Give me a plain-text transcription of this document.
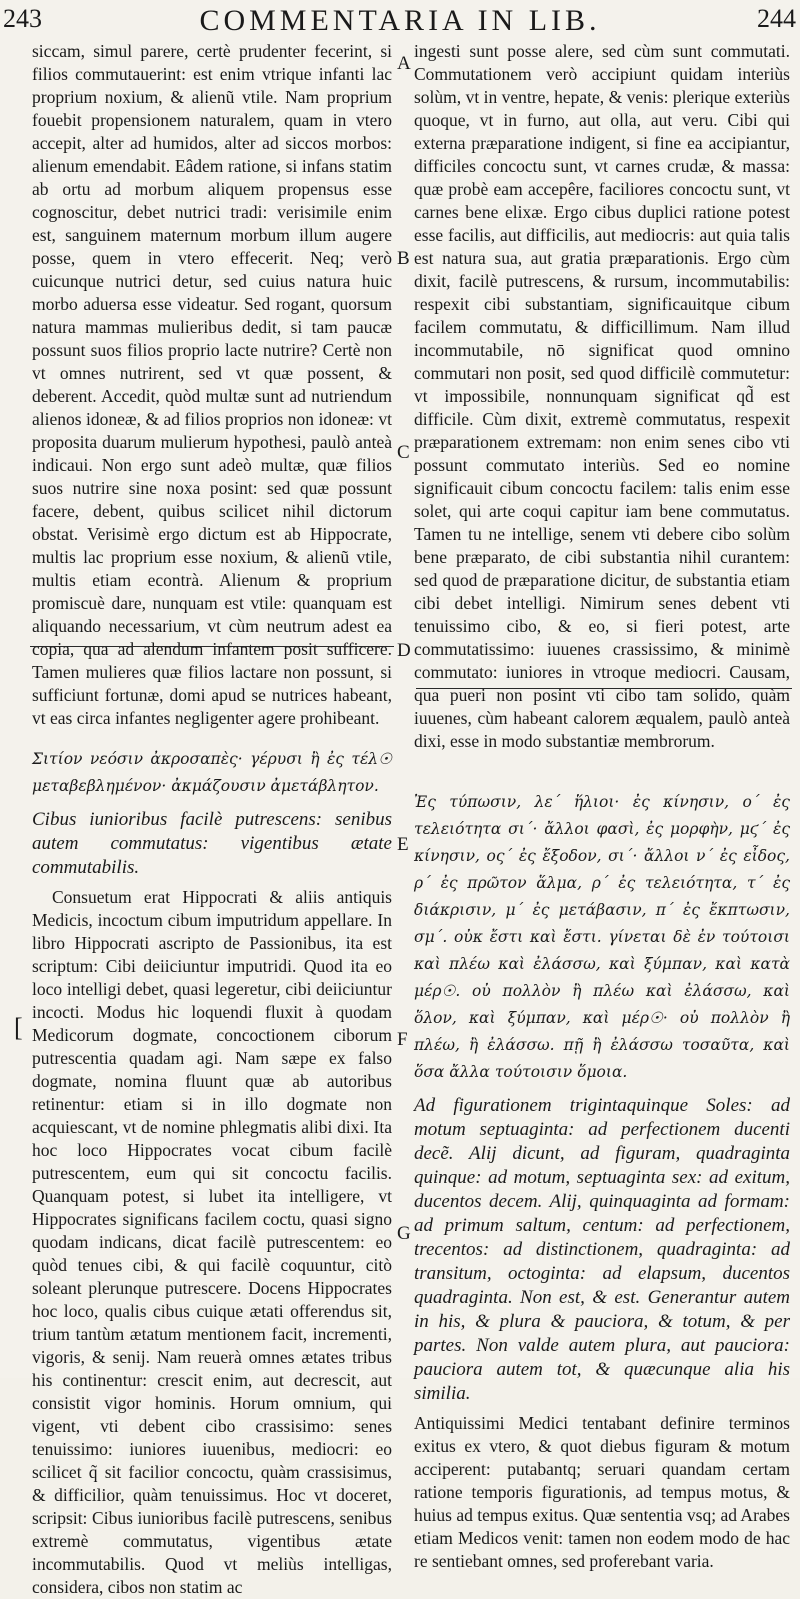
243	COMMENTARIA IN LIB.	244

siccam, simul parere, certè prudenter fecerint, si filios commutauerint: est enim vtrique infanti lac proprium noxium, & alienũ vtile. Nam proprium fouebit propensionem naturalem, quam in vtero accepit, alter ad humidos, alter ad siccos morbos: alienum emendabit. Eâdem ratione, si infans statim ab ortu ad morbum aliquem propensus esse cognoscitur, debet nutrici tradi: verisimile enim est, sanguinem maternum morbum illum augere posse, quem in vtero effecerit. Neq; verò cuicunque nutrici detur, sed cuius natura huic morbo aduersa esse videatur. Sed rogant, quorsum natura mammas mulieribus dedit, si tam paucæ possunt suos filios proprio lacte nutrire? Certè non vt omnes nutrirent, sed vt quæ possent, & deberent. Accedit, quòd multæ sunt ad nutriendum alienos idoneæ, & ad filios proprios non idoneæ: vt proposita duarum mulierum hypothesi, paulò anteà indicaui. Non ergo sunt adeò multæ, quæ filios suos nutrire sine noxa posint: sed quæ possunt facere, debent, quibus scilicet nihil dictorum obstat. Verisimè ergo dictum est ab Hippocrate, multis lac proprium esse noxium, & alienũ vtile, multis etiam econtrà. Alienum & proprium promiscuè dare, nunquam est vtile: quanquam est aliquando necessarium, vt cùm neutrum adest ea copia, qua ad alendum infantem posit sufficere. Tamen mulieres quæ filios lactare non possunt, si sufficiunt fortunæ, domi apud se nutrices habeant, vt eas circa infantes negligenter agere prohibeant.

Σιτίον νεόσιν ἀκροσαπὲς· γέρυσι ἢ ἐς τέλ☉ μεταβεβλημένον· ἀκμάζουσιν ἀμετάβλητον.

Cibus iunioribus facilè putrescens: senibus autem commutatus: vigentibus ætate commutabilis.

Consuetum erat Hippocrati & aliis antiquis Medicis, incoctum cibum imputridum appellare. In libro Hippocrati ascripto de Passionibus, ita est scriptum: Cibi deiiciuntur imputridi. Quod ita eo loco intelligi debet, quasi legeretur, cibi deiiciuntur incocti. Modus hic loquendi fluxit à quodam Medicorum dogmate, concoctionem ciborum putrescentia quadam agi. Nam sæpe ex falso dogmate, nomina fluunt quæ ab autoribus retinentur: etiam si in illo dogmate non acquiescant, vt de nomine phlegmatis alibi dixi. Ita hoc loco Hippocrates vocat cibum facilè putrescentem, eum qui sit concoctu facilis. Quanquam potest, si lubet ita intelligere, vt Hippocrates significans facilem coctu, quasi signo quodam indicans, dicat facilè putrescentem: eo quòd tenues cibi, & qui facilè coquuntur, citò soleant plerunque putrescere. Docens Hippocrates hoc loco, qualis cibus cuique ætati offerendus sit, trium tantùm ætatum mentionem facit, incrementi, vigoris, & senij. Nam reuerà omnes ætates tribus his continentur: crescit enim, aut decrescit, aut consistit vigor hominis. Horum omnium, qui vigent, vti debent cibo crassisimo: senes tenuissimo: iuniores iuuenibus, mediocri: eo scilicet q̃ sit facilior concoctu, quàm crassisimus, & difficilior, quàm tenuissimus. Hoc vt doceret, scripsit: Cibus iunioribus facilè putrescens, senibus extremè commutatus, vigentibus ætate incommutabilis. Quod vt meliùs intelligas, considera, cibos non statim ac

ingesti sunt posse alere, sed cùm sunt commutati. Commutationem verò accipiunt quidam interiùs solùm, vt in ventre, hepate, & venis: plerique exteriùs quoque, vt in furno, aut olla, aut veru. Cibi qui externa præparatione indigent, si fine ea accipiantur, difficiles concoctu sunt, vt carnes crudæ, & massa: quæ probè eam accepêre, faciliores concoctu sunt, vt carnes bene elixæ. Ergo cibus duplici ratione potest esse facilis, aut difficilis, aut mediocris: aut quia talis est natura sua, aut gratia præparationis. Ergo cùm dixit, facilè putrescens, & rursum, incommutabilis: respexit cibi substantiam, significauitque cibum facilem commutatu, & difficillimum. Nam illud incommutabile, nō significat quod omnino commutari non posit, sed quod difficilè commutetur: vt impossibile, nonnunquam significat qd̃ est difficile. Cùm dixit, extremè commutatus, respexit præparationem extremam: non enim senes cibo vti possunt commutato interiùs. Sed eo nomine significauit cibum concoctu facilem: talis enim esse solet, qui arte coqui capitur iam bene commutatus. Tamen tu ne intellige, senem vti debere cibo solùm bene præparato, de cibi substantia nihil curantem: sed quod de præparatione dicitur, de substantia etiam cibi debet intelligi. Nimirum senes debent vti tenuissimo cibo, & eo, si fieri potest, arte commutatissimo: iuuenes crassissimo, & minimè commutato: iuniores in vtroque mediocri. Causam, qua pueri non posint vti cibo tam solido, quàm iuuenes, cùm habeant calorem æqualem, paulò anteà dixi, esse in modo substantiæ membrorum.

Ἐς τύπωσιν, λε΄ ἥλιοι· ἐς κίνησιν, ο΄ ἐς τελειότητα σι΄· ἄλλοι φασὶ, ἐς μορφὴν, μϛ΄ ἐς κίνησιν, ος΄ ἐς ἔξοδον, σι΄· ἄλλοι ν΄ ἐς εἶδος, ρ΄ ἐς πρῶτον ἅλμα, ρ΄ ἐς τελειότητα, τ΄ ἐς διάκρισιν, μ΄ ἐς μετάβασιν, π΄ ἐς ἔκπτωσιν, σμ΄. οὐκ ἔστι καὶ ἔστι. γίνεται δὲ ἐν τούτοισι καὶ πλέω καὶ ἐλάσσω, καὶ ξύμπαν, καὶ κατὰ μέρ☉. οὐ πολλὸν ἢ πλέω καὶ ἐλάσσω, καὶ ὅλον, καὶ ξύμπαν, καὶ μέρ☉· οὐ πολλὸν ἢ πλέω, ἢ ἐλάσσω. πῇ ἢ ἐλάσσω τοσαῦτα, καὶ ὅσα ἄλλα τούτοισιν ὅμοια.

Ad figurationem trigintaquinque Soles: ad motum septuaginta: ad perfectionem ducenti decẽ. Alij dicunt, ad figuram, quadraginta quinque: ad motum, septuaginta sex: ad exitum, ducentos decem. Alij, quinquaginta ad formam: ad primum saltum, centum: ad perfectionem, trecentos: ad distinctionem, quadraginta: ad transitum, octoginta: ad elapsum, ducentos quadraginta. Non est, & est. Generantur autem in his, & plura & pauciora, & totum, & per partes. Non valde autem plura, aut pauciora: pauciora autem tot, & quæcunque alia his similia.

Antiquissimi Medici tentabant definire terminos exitus ex vtero, & quot diebus figuram & motum acciperent: putabantq; seruari quandam certam ratione temporis figurationis, ad tempus motus, & huius ad tempus exitus. Quæ sententia vsq; ad Arabes etiam Medicos venit: tamen non eodem modo de hac re sentiebant omnes, sed proferebant varia.

A
B
C
D
E
F
G
[
